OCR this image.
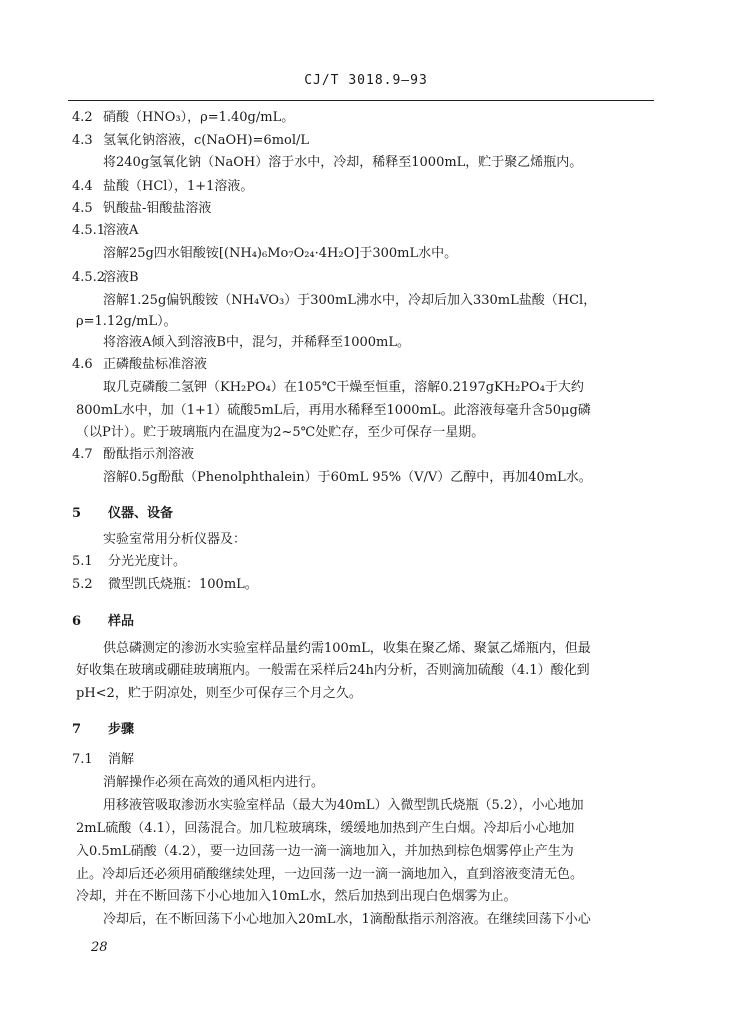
CJ/T 3018.9—93
4.2 硝酸（HNO₃），ρ=1.40g/mL。
4.3 氢氧化钠溶液，c(NaOH)=6mol/L
将240g氢氧化钠（NaOH）溶于水中，冷却，稀释至1000mL，贮于聚乙烯瓶内。
4.4 盐酸（HCl），1+1溶液。
4.5 钒酸盐-钼酸盐溶液
4.5.1溶液A
溶解25g四水钼酸铵[(NH₄)₆Mo₇O₂₄·4H₂O]于300mL水中。
4.5.2溶液B
溶解1.25g偏钒酸铵（NH₄VO₃）于300mL沸水中，冷却后加入330mL盐酸（HCl，
ρ=1.12g/mL）。
将溶液A倾入到溶液B中，混匀，并稀释至1000mL。
4.6 正磷酸盐标准溶液
取几克磷酸二氢钾（KH₂PO₄）在105℃干燥至恒重，溶解0.2197gKH₂PO₄于大约
800mL水中，加（1+1）硫酸5mL后，再用水稀释至1000mL。此溶液每毫升含50μg磷
（以P计）。贮于玻璃瓶内在温度为2~5℃处贮存，至少可保存一星期。
4.7 酚酞指示剂溶液
溶解0.5g酚酞（Phenolphthalein）于60mL 95%（V/V）乙醇中，再加40mL水。
5 仪器、设备
实验室常用分析仪器及：
5.1 分光光度计。
5.2 微型凯氏烧瓶：100mL。
6 样品
供总磷测定的渗沥水实验室样品量约需100mL，收集在聚乙烯、聚氯乙烯瓶内，但最
好收集在玻璃或硼硅玻璃瓶内。一般需在采样后24h内分析，否则滴加硫酸（4.1）酸化到
pH<2，贮于阴凉处，则至少可保存三个月之久。
7 步骤
7.1 消解
消解操作必须在高效的通风柜内进行。
用移液管吸取渗沥水实验室样品（最大为40mL）入微型凯氏烧瓶（5.2），小心地加
2mL硫酸（4.1），回荡混合。加几粒玻璃珠，缓缓地加热到产生白烟。冷却后小心地加
入0.5mL硝酸（4.2），要一边回荡一边一滴一滴地加入，并加热到棕色烟雾停止产生为
止。冷却后还必须用硝酸继续处理，一边回荡一边一滴一滴地加入，直到溶液变清无色。
冷却，并在不断回荡下小心地加入10mL水，然后加热到出现白色烟雾为止。
冷却后，在不断回荡下小心地加入20mL水，1滴酚酞指示剂溶液。在继续回荡下小心
28
